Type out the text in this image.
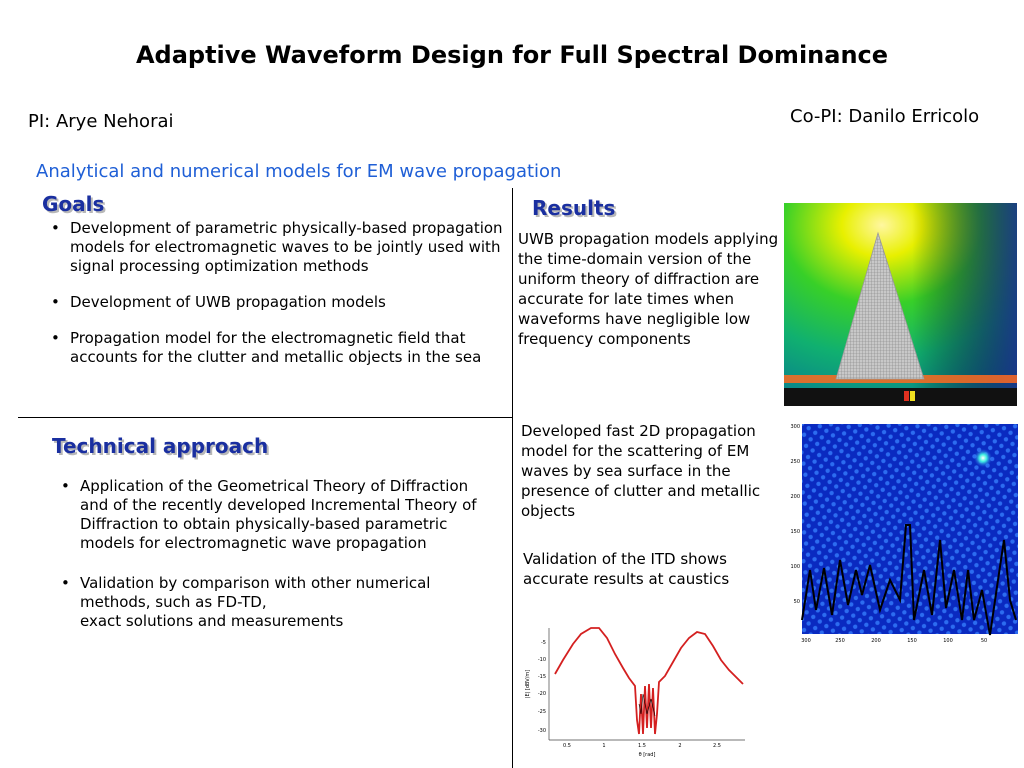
Adaptive Waveform Design for Full Spectral Dominance
PI: Arye Nehorai	Co-PI: Danilo Erricolo
Analytical and numerical models for EM wave propagation
Goals
• Development of parametric physically-based propagation models for electromagnetic waves to be jointly used with signal processing optimization methods
• Development of UWB propagation models
• Propagation model for the electromagnetic field that accounts for the clutter and metallic objects in the sea
Technical approach
• Application of the Geometrical Theory of Diffraction and of the recently developed Incremental Theory of Diffraction to obtain physically-based parametric models for electromagnetic wave propagation
• Validation by comparison with other numerical methods, such as FD-TD,
exact solutions and measurements
Results
UWB propagation models applying the time-domain version of the uniform theory of diffraction are accurate for late times when waveforms have negligible low frequency components
Developed fast 2D propagation model for the scattering of EM waves by sea surface in the presence of clutter and metallic objects
Validation of the ITD shows accurate results at caustics
300
250
200
150
100
50
300	250	200	150	100	50
-5
-10
-15
-20
-25
-30
0.5	1	1.5	2	2.5
θ [rad]
|E| [dBV/m]
